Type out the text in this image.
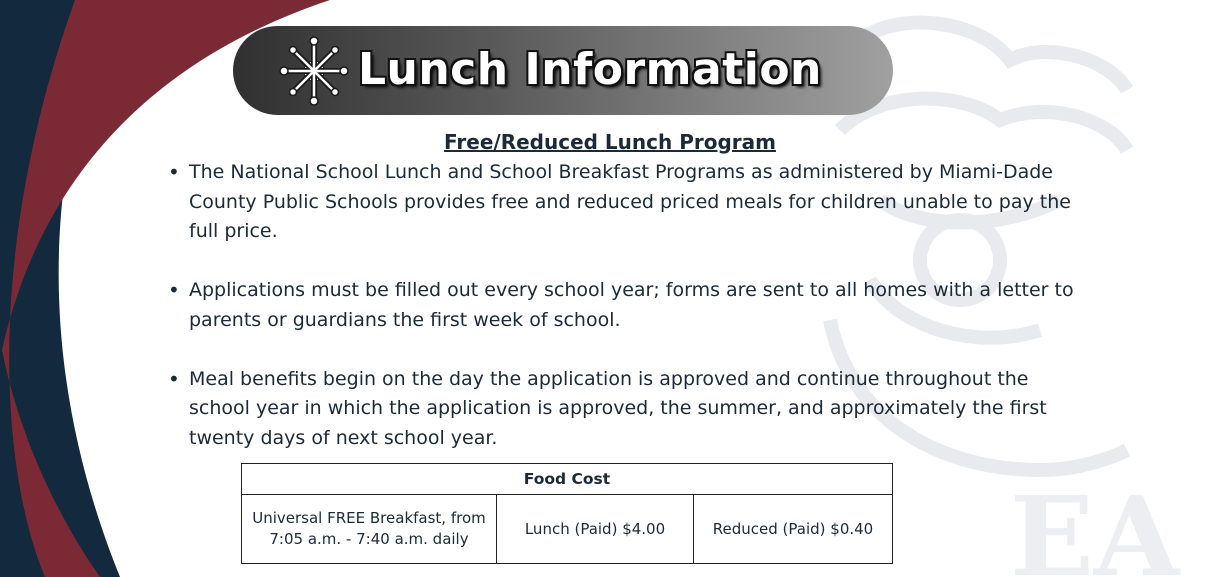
EA
Lunch Information
Free/Reduced Lunch Program
• The National School Lunch and School Breakfast Programs as administered by Miami-Dade County Public Schools provides free and reduced priced meals for children unable to pay the full price.
• Applications must be filled out every school year; forms are sent to all homes with a letter to parents or guardians the first week of school.
• Meal benefits begin on the day the application is approved and continue throughout the school year in which the application is approved, the summer, and approximately the first twenty days of next school year.
Food Cost
Universal FREE Breakfast, from 7:05 a.m. - 7:40 a.m. daily	Lunch (Paid) $4.00	Reduced (Paid) $0.40
